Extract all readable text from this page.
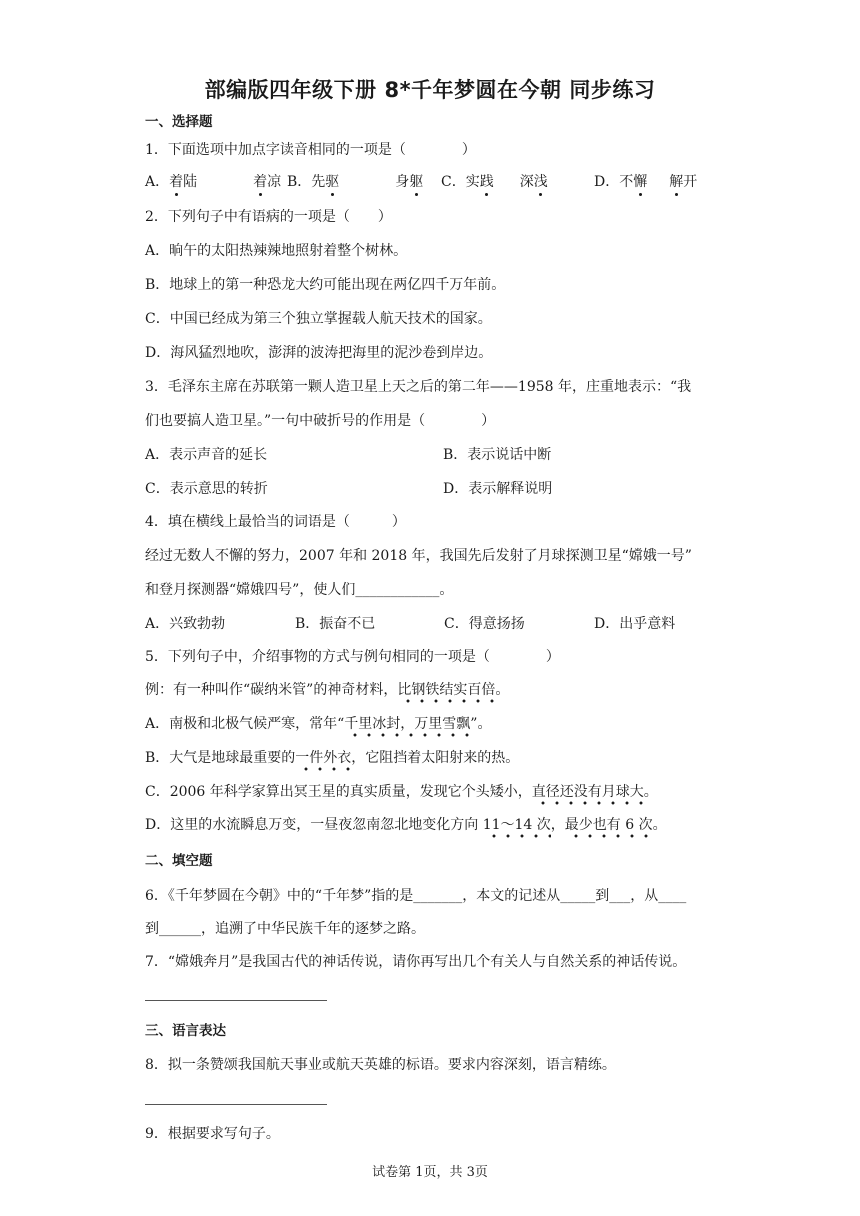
部编版四年级下册 8*千年梦圆在今朝 同步练习
一、选择题
1．下面选项中加点字读音相同的一项是（　　　　）
A．着陆	着凉 B．先驱	身躯 C．实践 深浅	D．不懈 解开
2．下列句子中有语病的一项是（　　）
A．晌午的太阳热辣辣地照射着整个树林。
B．地球上的第一种恐龙大约可能出现在两亿四千万年前。
C．中国已经成为第三个独立掌握载人航天技术的国家。
D．海风猛烈地吹，澎湃的波涛把海里的泥沙卷到岸边。
3．毛泽东主席在苏联第一颗人造卫星上天之后的第二年——1958 年，庄重地表示：“我
们也要搞人造卫星。”一句中破折号的作用是（　　　　）
A．表示声音的延长	B．表示说话中断
C．表示意思的转折	D．表示解释说明
4．填在横线上最恰当的词语是（　　　）
经过无数人不懈的努力，2007 年和 2018 年，我国先后发射了月球探测卫星“嫦娥一号”
和登月探测器“嫦娥四号”，使人们____________。
A．兴致勃勃	B．振奋不已	C．得意扬扬	D．出乎意料
5．下列句子中，介绍事物的方式与例句相同的一项是（　　　　）
例：有一种叫作“碳纳米管”的神奇材料，比钢铁结实百倍。
A．南极和北极气候严寒，常年“千里冰封，万里雪飘”。
B．大气是地球最重要的一件外衣，它阻挡着太阳射来的热。
C．2006 年科学家算出冥王星的真实质量，发现它个头矮小，直径还没有月球大。
D．这里的水流瞬息万变，一昼夜忽南忽北地变化方向 11～14 次，最少也有 6 次。
二、填空题
6．《千年梦圆在今朝》中的“千年梦”指的是_______，本文的记述从_____到___，从____
到______，追溯了中华民族千年的逐梦之路。
7．“嫦娥奔月”是我国古代的神话传说，请你再写出几个有关人与自然关系的神话传说。
三、语言表达
8．拟一条赞颂我国航天事业或航天英雄的标语。要求内容深刻，语言精练。
9．根据要求写句子。
试卷第 1页，共 3页
